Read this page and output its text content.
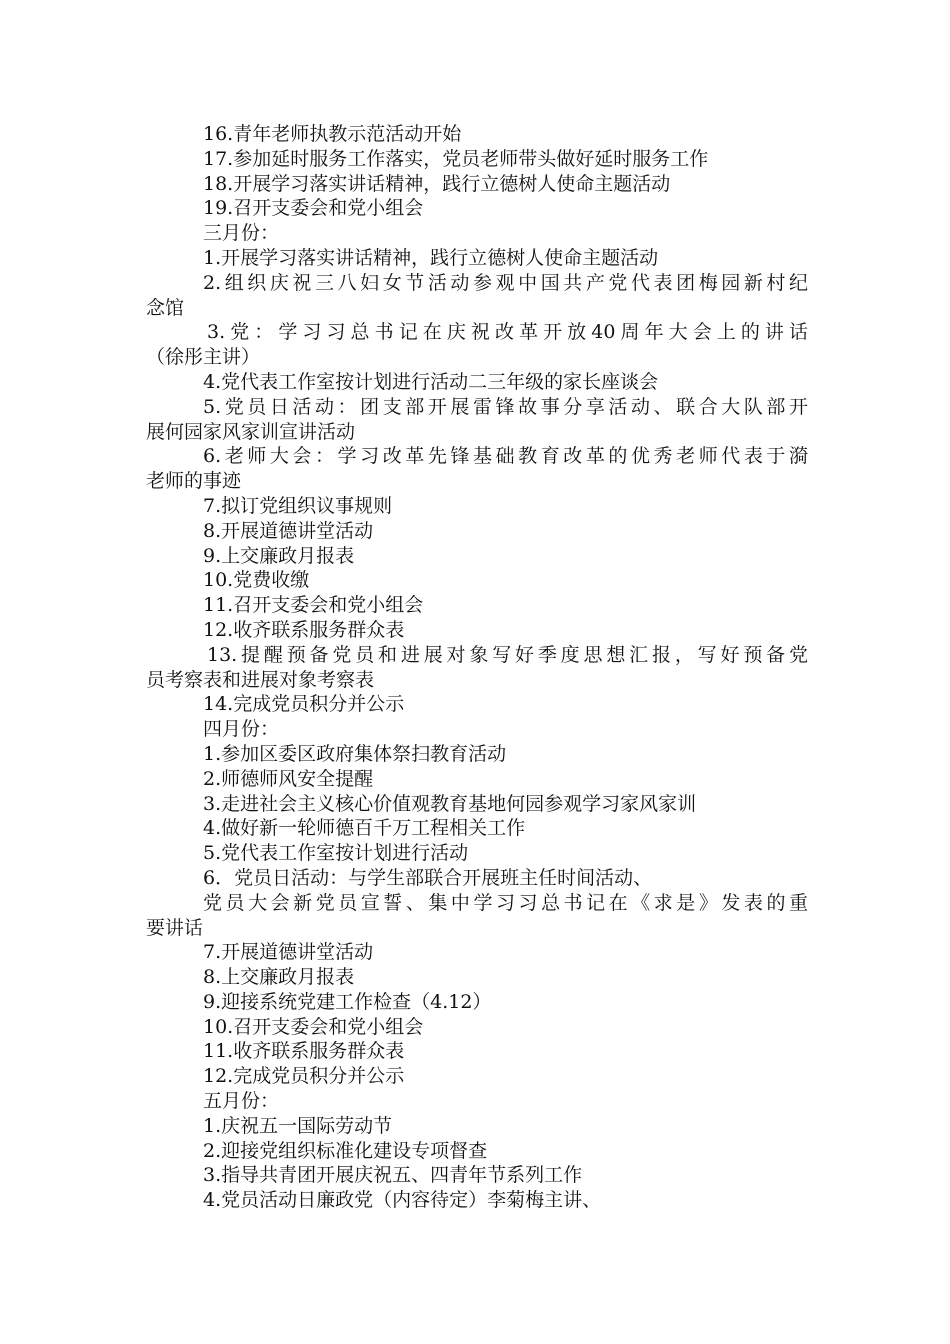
16.青年老师执教示范活动开始

17.参加延时服务工作落实，党员老师带头做好延时服务工作

18.开展学习落实讲话精神，践行立德树人使命主题活动

19.召开支委会和党小组会

三月份：

1.开展学习落实讲话精神，践行立德树人使命主题活动

2.组织庆祝三八妇女节活动参观中国共产党代表团梅园新村纪

念馆

3.党：学习习总书记在庆祝改革开放40周年大会上的讲话

（徐彤主讲）

4.党代表工作室按计划进行活动二三年级的家长座谈会

5.党员日活动：团支部开展雷锋故事分享活动、联合大队部开

展何园家风家训宣讲活动

6.老师大会：学习改革先锋基础教育改革的优秀老师代表于漪

老师的事迹

7.拟订党组织议事规则

8.开展道德讲堂活动

9.上交廉政月报表

10.党费收缴

11.召开支委会和党小组会

12.收齐联系服务群众表

13.提醒预备党员和进展对象写好季度思想汇报，写好预备党

员考察表和进展对象考察表

14.完成党员积分并公示

四月份：

1.参加区委区政府集体祭扫教育活动

2.师德师风安全提醒

3.走进社会主义核心价值观教育基地何园参观学习家风家训

4.做好新一轮师德百千万工程相关工作

5.党代表工作室按计划进行活动

6．党员日活动：与学生部联合开展班主任时间活动、

党员大会新党员宣誓、集中学习习总书记在《求是》发表的重

要讲话

7.开展道德讲堂活动

8.上交廉政月报表

9.迎接系统党建工作检查（4.12）

10.召开支委会和党小组会

11.收齐联系服务群众表

12.完成党员积分并公示

五月份：

1.庆祝五一国际劳动节

2.迎接党组织标准化建设专项督查

3.指导共青团开展庆祝五、四青年节系列工作

4.党员活动日廉政党（内容待定）李菊梅主讲、
